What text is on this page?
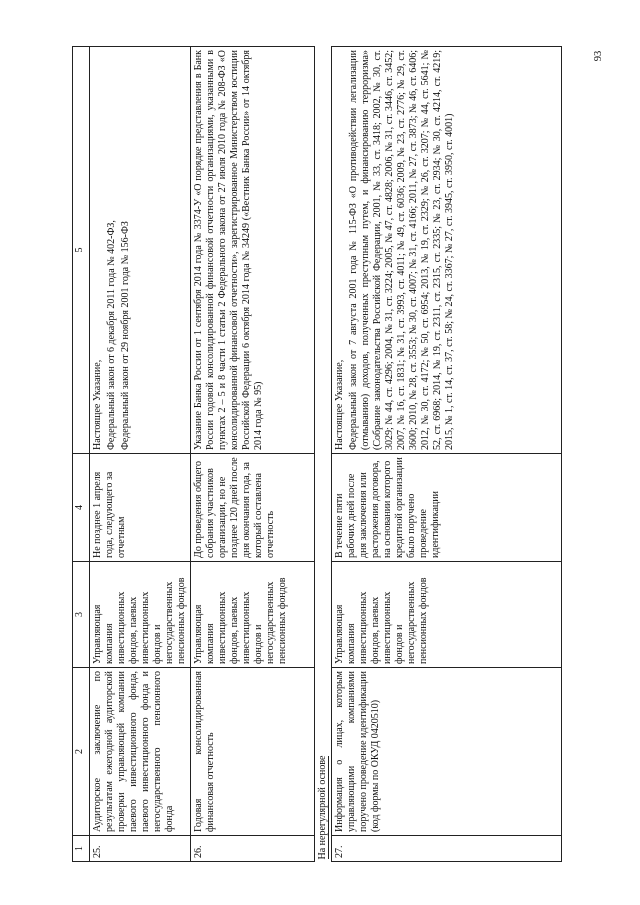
93
1	2	3	4	5
25.	Аудиторское заключение по результатам ежегодной аудиторской проверки управляющей компании паевого инвестиционного фонда, паевого инвестиционного фонда и негосударственного пенсионного фонда	Управляющая компания инвестиционных фондов, паевых инвестиционных фондов и негосударственных пенсионных фондов	Не позднее 1 апреля года, следующего за отчетным	Настоящее Указание, Федеральный закон от 6 декабря 2011 года № 402-ФЗ, Федеральный закон от 29 ноября 2001 года № 156-ФЗ

26.	Годовая консолидированная финансовая отчетность	Управляющая компания инвестиционных фондов, паевых инвестиционных фондов и негосударственных пенсионных фондов	До проведения общего собрания участников организации, но не позднее 120 дней после дня окончания года, за который составлена отчетность	Указание Банка России от 1 сентября 2014 года № 3374-У «О порядке представления в Банк России годовой консолидированной финансовой отчетности организациями, указанными в пунктах 2 – 5 и 8 части 1 статьи 2 Федерального закона от 27 июля 2010 года № 208-ФЗ «О консолидированной финансовой отчетности», зарегистрированное Министерством юстиции Российской Федерации 6 октября 2014 года № 34249 («Вестник Банка России» от 14 октября 2014 года № 95)

На нерегулярной основе				
27.	Информация о лицах, которым управляющими компаниями поручено проведение идентификации (код формы по ОКУД 0420510)	Управляющая компания инвестиционных фондов, паевых инвестиционных фондов и негосударственных пенсионных фондов	В течение пяти рабочих дней после дня заключения или расторжения договора, на основании которого кредитной организации было поручено проведение идентификации	Настоящее Указание, Федеральный закон от 7 августа 2001 года № 115-ФЗ «О противодействии легализации (отмыванию) доходов, полученных преступным путем, и финансированию терроризма» (Собрание законодательства Российской Федерации, 2001, № 33, ст. 3418; 2002, № 30, ст. 3029; № 44, ст. 4296; 2004, № 31, ст. 3224; 2005, № 47, ст. 4828; 2006, № 31, ст. 3446, ст. 3452; 2007, № 16, ст. 1831; № 31, ст. 3993, ст. 4011; № 49, ст. 6036; 2009, № 23, ст. 2776; № 29, ст. 3600; 2010, № 28, ст. 3553; № 30, ст. 4007; № 31, ст. 4166; 2011, № 27, ст. 3873; № 46, ст. 6406; 2012, № 30, ст. 4172; № 50, ст. 6954; 2013, № 19, ст. 2329; № 26, ст. 3207; № 44, ст. 5641; № 52, ст. 6968; 2014, № 19, ст. 2311, ст. 2315, ст. 2335; № 23, ст. 2934; № 30, ст. 4214, ст. 4219; 2015, № 1, ст. 14, ст. 37, ст. 58; № 24, ст. 3367; № 27, ст. 3945, ст. 3950, ст. 4001)
